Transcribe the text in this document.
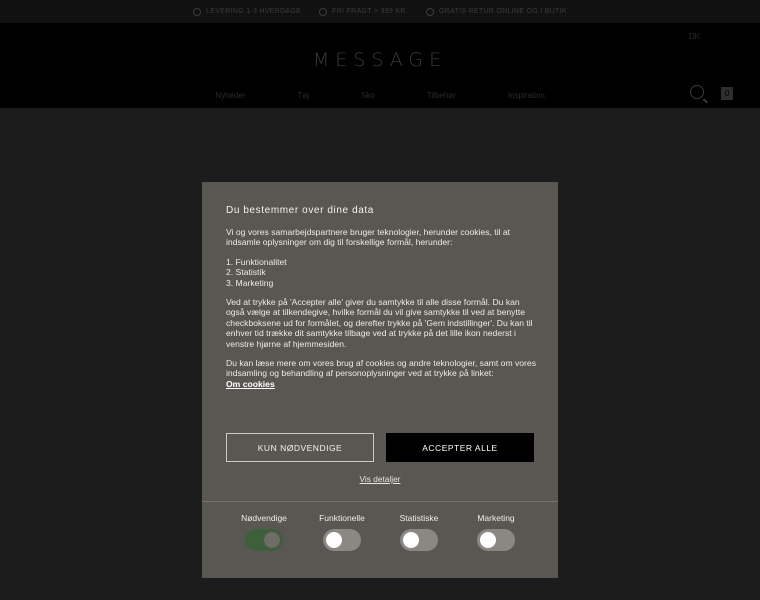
LEVERING 1-3 HVERDAGE	FRI FRAGT > 399 KR.	GRATIS RETUR ONLINE OG I BUTIK
DK
MESSAGE
Nyheder	Tøj	Sko	Tilbehør	Inspiration	0
Du bestemmer over dine data

Vi og vores samarbejdspartnere bruger teknologier, herunder cookies, til at indsamle oplysninger om dig til forskellige formål, herunder:

1. Funktionalitet
2. Statistik
3. Marketing

Ved at trykke på 'Accepter alle' giver du samtykke til alle disse formål. Du kan også vælge at tilkendegive, hvilke formål du vil give samtykke til ved at benytte checkboksene ud for formålet, og derefter trykke på 'Gem indstillinger'. Du kan til enhver tid trække dit samtykke tilbage ved at trykke på det lille ikon nederst i venstre hjørne af hjemmesiden.

Du kan læse mere om vores brug af cookies og andre teknologier, samt om vores indsamling og behandling af personoplysninger ved at trykke på linket:

Om cookies
KUN NØDVENDIGE	ACCEPTER ALLE
Vis detaljer
Nødvendige	Funktionelle	Statistiske	Marketing
